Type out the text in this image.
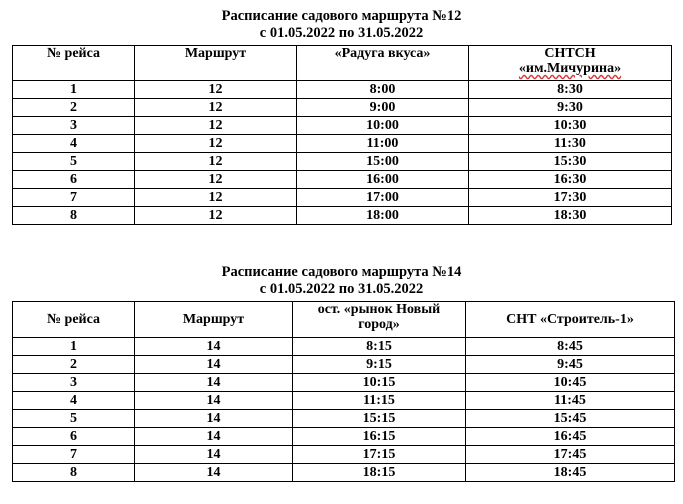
Расписание садового маршрута №12
с 01.05.2022 по 31.05.2022
№ рейса	Маршрут	«Радуга вкуса»	СНТСН
«им.Мичурина»

1	12	8:00	8:30
2	12	9:00	9:30
3	12	10:00	10:30
4	12	11:00	11:30
5	12	15:00	15:30
6	12	16:00	16:30
7	12	17:00	17:30
8	12	18:00	18:30
Расписание садового маршрута №14
с 01.05.2022 по 31.05.2022
№ рейса	Маршрут	ост. «рынок Новый
город»	СНТ «Строитель-1»
1	14	8:15	8:45
2	14	9:15	9:45
3	14	10:15	10:45
4	14	11:15	11:45
5	14	15:15	15:45
6	14	16:15	16:45
7	14	17:15	17:45
8	14	18:15	18:45
